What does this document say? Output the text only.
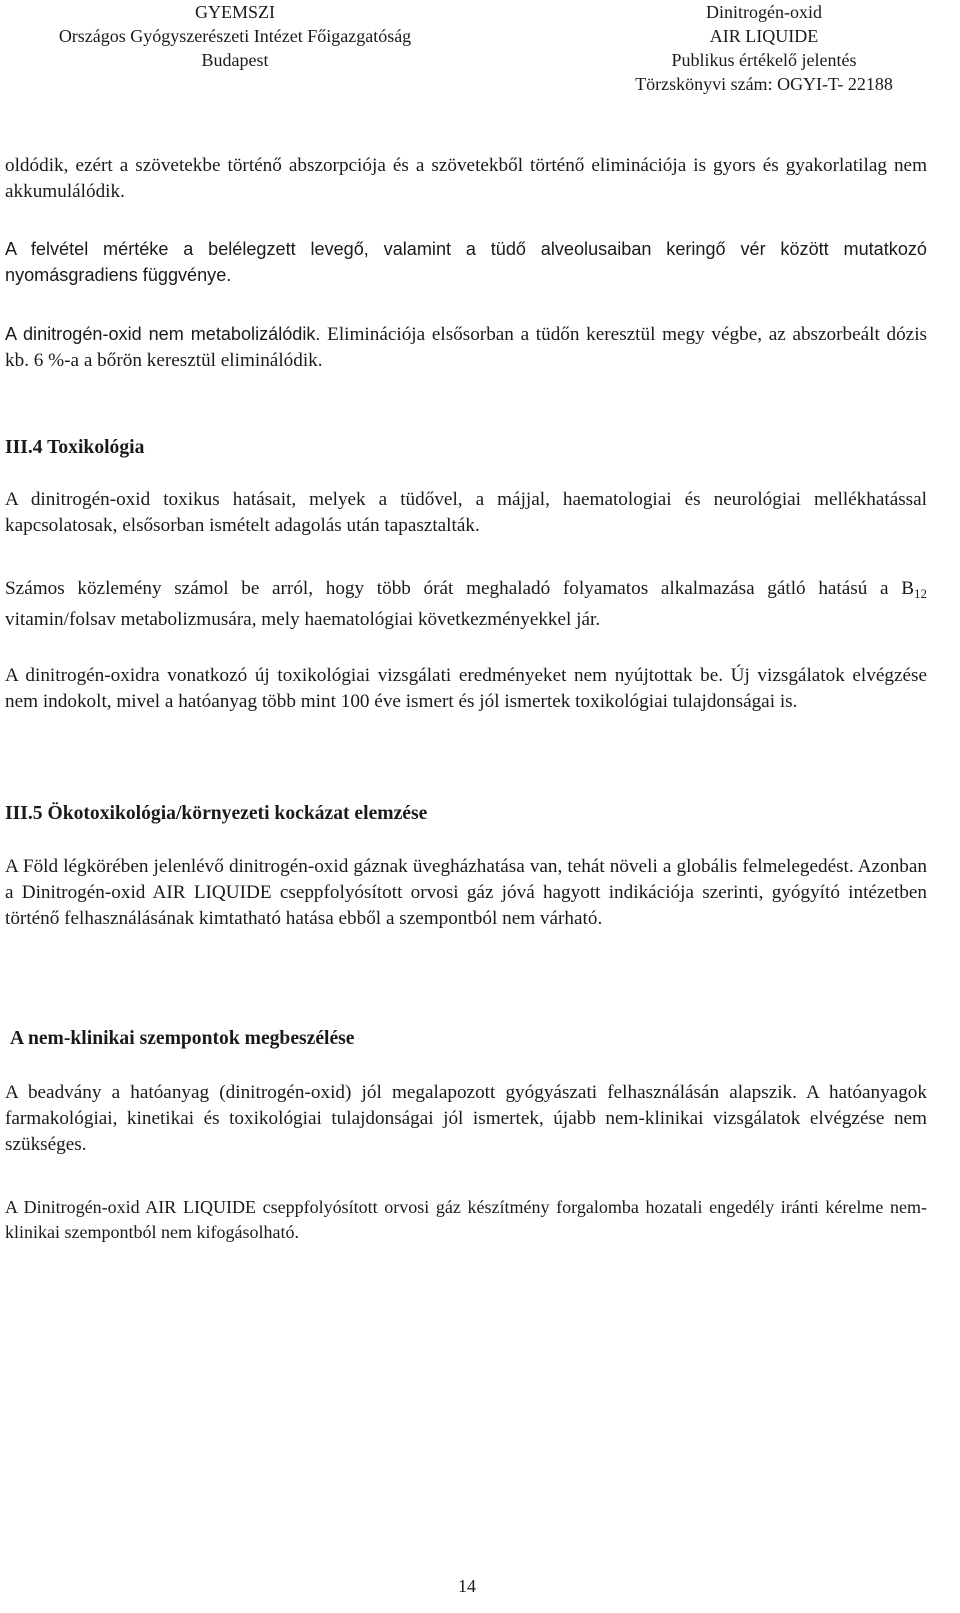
GYEMSZI
Országos Gyógyszerészeti Intézet Főigazgatóság
Budapest
Dinitrogén-oxid
AIR LIQUIDE
Publikus értékelő jelentés
Törzskönyvi szám: OGYI-T- 22188

oldódik, ezért a szövetekbe történő abszorpciója és a szövetekből történő eliminációja is gyors és gyakorlatilag nem akkumulálódik.

A felvétel mértéke a belélegzett levegő, valamint a tüdő alveolusaiban keringő vér között mutatkozó nyomásgradiens függvénye.

A dinitrogén-oxid nem metabolizálódik. Eliminációja elsősorban a tüdőn keresztül megy végbe, az abszorbeált dózis kb. 6 %-a a bőrön keresztül eliminálódik.

III.4 Toxikológia

A dinitrogén-oxid toxikus hatásait, melyek a tüdővel, a májjal, haematologiai és neurológiai mellékhatással kapcsolatosak, elsősorban ismételt adagolás után tapasztalták.

Számos közlemény számol be arról, hogy több órát meghaladó folyamatos alkalmazása gátló hatású a $B_{12}$ vitamin/folsav metabolizmusára, mely haematológiai következményekkel jár.

A dinitrogén-oxidra vonatkozó új toxikológiai vizsgálati eredményeket nem nyújtottak be. Új vizsgálatok elvégzése nem indokolt, mivel a hatóanyag több mint 100 éve ismert és jól ismertek toxikológiai tulajdonságai is.

III.5 Ökotoxikológia/környezeti kockázat elemzése

A Föld légkörében jelenlévő dinitrogén-oxid gáznak üvegházhatása van, tehát növeli a globális felmelegedést. Azonban a Dinitrogén-oxid AIR LIQUIDE cseppfolyósított orvosi gáz jóvá hagyott indikációja szerinti, gyógyító intézetben történő felhasználásának kimtatható hatása ebből a szempontból nem várható.

A nem-klinikai szempontok megbeszélése

A beadvány a hatóanyag (dinitrogén-oxid) jól megalapozott gyógyászati felhasználásán alapszik. A hatóanyagok farmakológiai, kinetikai és toxikológiai tulajdonságai jól ismertek, újabb nem-klinikai vizsgálatok elvégzése nem szükséges.

A Dinitrogén-oxid AIR LIQUIDE cseppfolyósított orvosi gáz készítmény forgalomba hozatali engedély iránti kérelme nem-klinikai szempontból nem kifogásolható.

14
